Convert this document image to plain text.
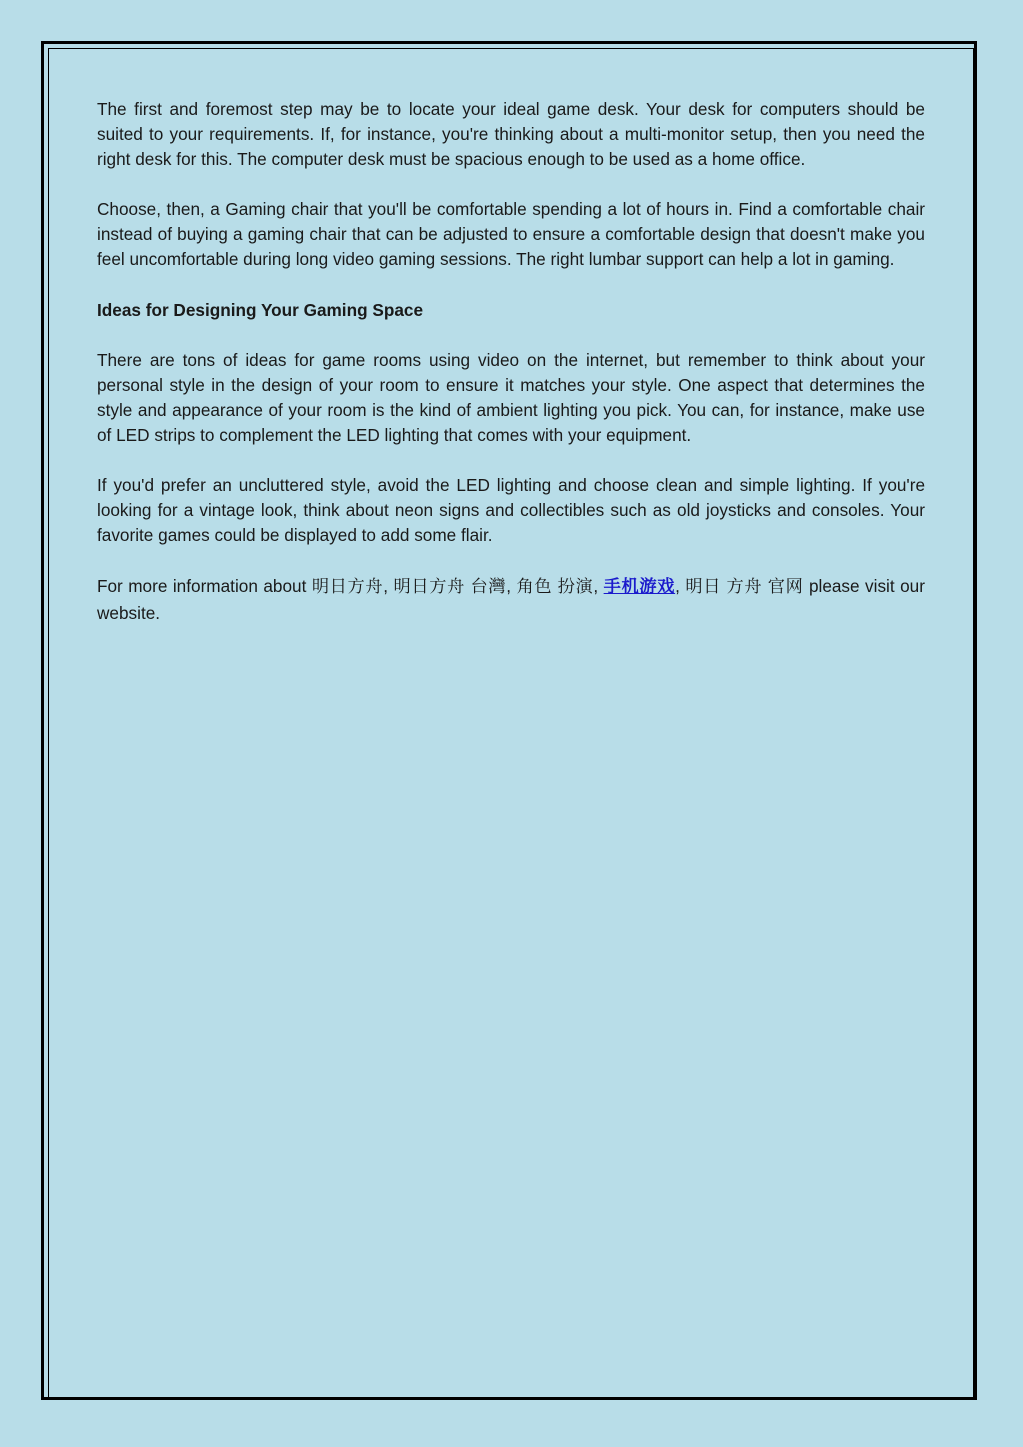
The first and foremost step may be to locate your ideal game desk. Your desk for computers should be suited to your requirements. If, for instance, you're thinking about a multi-monitor setup, then you need the right desk for this. The computer desk must be spacious enough to be used as a home office.

Choose, then, a Gaming chair that you'll be comfortable spending a lot of hours in. Find a comfortable chair instead of buying a gaming chair that can be adjusted to ensure a comfortable design that doesn't make you feel uncomfortable during long video gaming sessions. The right lumbar support can help a lot in gaming.

Ideas for Designing Your Gaming Space

There are tons of ideas for game rooms using video on the internet, but remember to think about your personal style in the design of your room to ensure it matches your style. One aspect that determines the style and appearance of your room is the kind of ambient lighting you pick. You can, for instance, make use of LED strips to complement the LED lighting that comes with your equipment.

If you'd prefer an uncluttered style, avoid the LED lighting and choose clean and simple lighting. If you're looking for a vintage look, think about neon signs and collectibles such as old joysticks and consoles. Your favorite games could be displayed to add some flair.

For more information about 明日方舟, 明日方舟 台灣, 角色 扮演, 手机游戏, 明日 方舟 官网 please visit our website.
